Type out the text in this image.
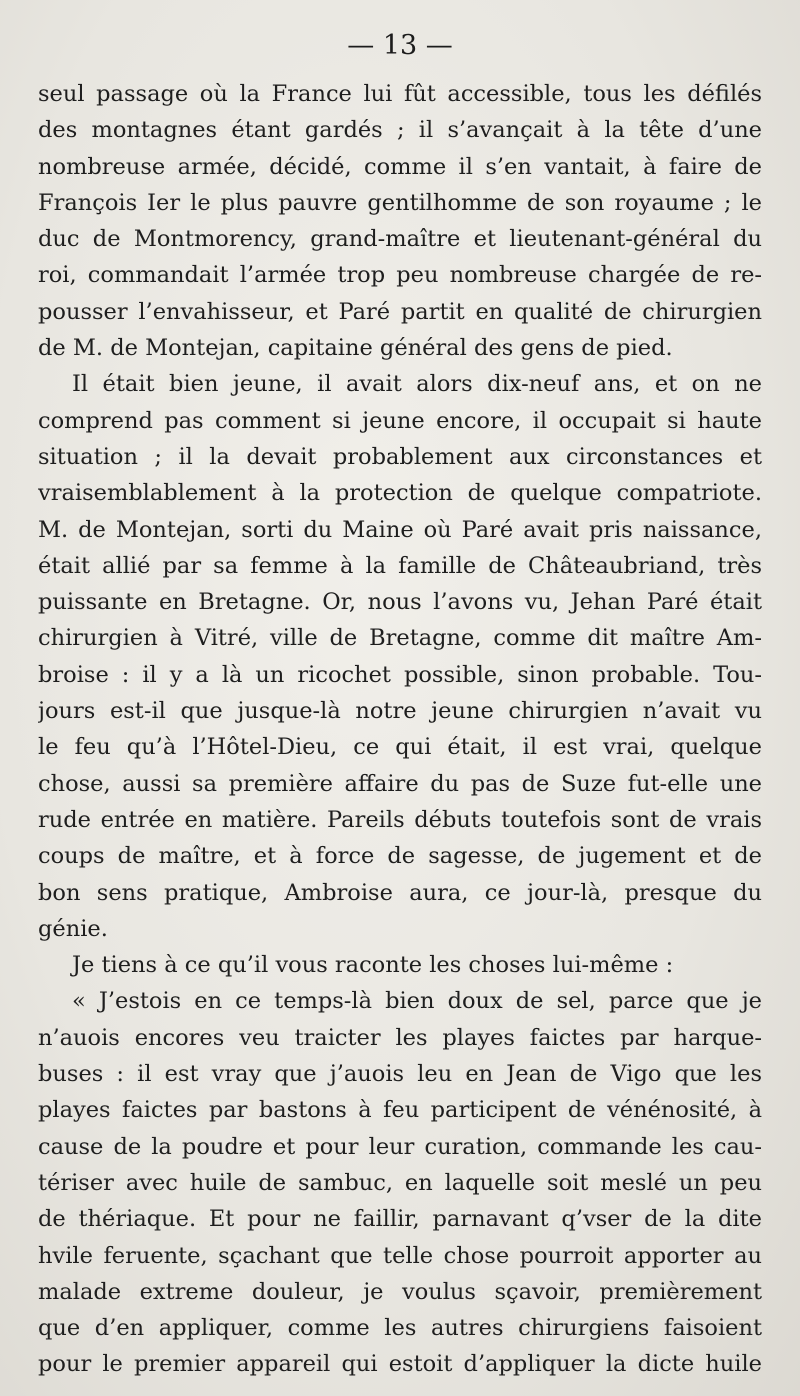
— 13 —
seul passage où la France lui fût accessible, tous les défilés
des montagnes étant gardés ; il s’avançait à la tête d’une
nombreuse armée, décidé, comme il s’en vantait, à faire de
François Ier le plus pauvre gentilhomme de son royaume ; le
duc de Montmorency, grand-maître et lieutenant-général du
roi, commandait l’armée trop peu nombreuse chargée de re-
pousser l’envahisseur, et Paré partit en qualité de chirurgien
de M. de Montejan, capitaine général des gens de pied.
Il était bien jeune, il avait alors dix-neuf ans, et on ne
comprend pas comment si jeune encore, il occupait si haute
situation ; il la devait probablement aux circonstances et
vraisemblablement à la protection de quelque compatriote.
M. de Montejan, sorti du Maine où Paré avait pris naissance,
était allié par sa femme à la famille de Châteaubriand, très
puissante en Bretagne. Or, nous l’avons vu, Jehan Paré était
chirurgien à Vitré, ville de Bretagne, comme dit maître Am-
broise : il y a là un ricochet possible, sinon probable. Tou-
jours est-il que jusque-là notre jeune chirurgien n’avait vu
le feu qu’à l’Hôtel-Dieu, ce qui était, il est vrai, quelque
chose, aussi sa première affaire du pas de Suze fut-elle une
rude entrée en matière. Pareils débuts toutefois sont de vrais
coups de maître, et à force de sagesse, de jugement et de
bon sens pratique, Ambroise aura, ce jour-là, presque du
génie.
Je tiens à ce qu’il vous raconte les choses lui-même :
« J’estois en ce temps-là bien doux de sel, parce que je
n’auois encores veu traicter les playes faictes par harque-
buses : il est vray que j’auois leu en Jean de Vigo que les
playes faictes par bastons à feu participent de vénénosité, à
cause de la poudre et pour leur curation, commande les cau-
tériser avec huile de sambuc, en laquelle soit meslé un peu
de thériaque. Et pour ne faillir, parnavant q’vser de la dite
hvile feruente, sçachant que telle chose pourroit apporter au
malade extreme douleur, je voulus sçavoir, premièrement
que d’en appliquer, comme les autres chirurgiens faisoient
pour le premier appareil qui estoit d’appliquer la dicte huile
